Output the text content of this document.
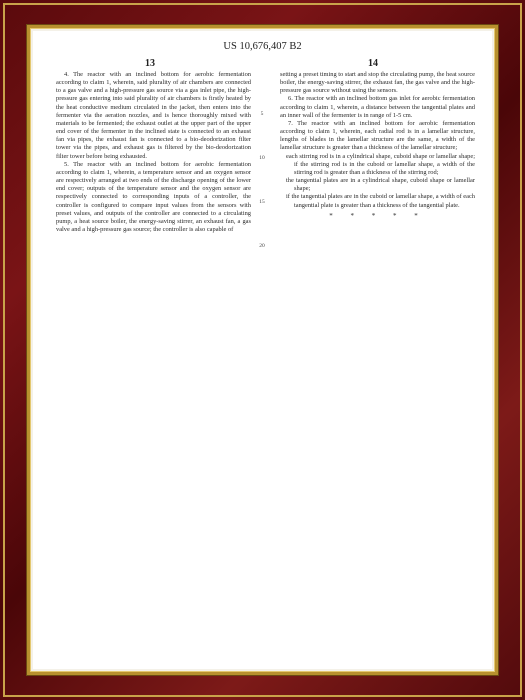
US 10,676,407 B2
13	14

4. The reactor with an inclined bottom for aerobic fermentation according to claim 1, wherein, said plurality of air chambers are connected to a gas valve and a high-pressure gas source via a gas inlet pipe, the high-pressure gas entering into said plurality of air chambers is firstly heated by the heat conductive medium circulated in the jacket, then enters into the fermenter via the aeration nozzles, and is hence thoroughly mixed with materials to be fermented; the exhaust outlet at the upper part of the upper end cover of the fermenter in the inclined state is connected to an exhaust fan via pipes, the exhaust fan is connected to a bio-deodorization filter tower via the pipes, and exhaust gas is filtered by the bio-deodorization filter tower before being exhausted.

5. The reactor with an inclined bottom for aerobic fermentation according to claim 1, wherein, a temperature sensor and an oxygen sensor are respectively arranged at two ends of the discharge opening of the lower end cover; outputs of the temperature sensor and the oxygen sensor are respectively connected to corresponding inputs of a controller, the controller is configured to compare input values from the sensors with preset values, and outputs of the controller are connected to a circulating pump, a heat source boiler, the energy-saving stirrer, an exhaust fan, a gas valve and a high-pressure gas source; the controller is also capable of

5
10
15
20

setting a preset timing to start and stop the circulating pump, the heat source boiler, the energy-saving stirrer, the exhaust fan, the gas valve and the high-pressure gas source without using the sensors.

6. The reactor with an inclined bottom gas inlet for aerobic fermentation according to claim 1, wherein, a distance between the tangential plates and an inner wall of the fermenter is in range of 1-5 cm.

7. The reactor with an inclined bottom for aerobic fermentation according to claim 1, wherein, each radial rod is in a lamellar structure, lengths of blades in the lamellar structure are the same, a width of the lamellar structure is greater than a thickness of the lamellar structure;

each stirring rod is in a cylindrical shape, cuboid shape or lamellar shape; if the stirring rod is in the cuboid or lamellar shape, a width of the stirring rod is greater than a thickness of the stirring rod;

the tangential plates are in a cylindrical shape, cuboid shape or lamellar shape;

if the tangential plates are in the cuboid or lamellar shape, a width of each tangential plate is greater than a thickness of the tangential plate.

* * * * *
